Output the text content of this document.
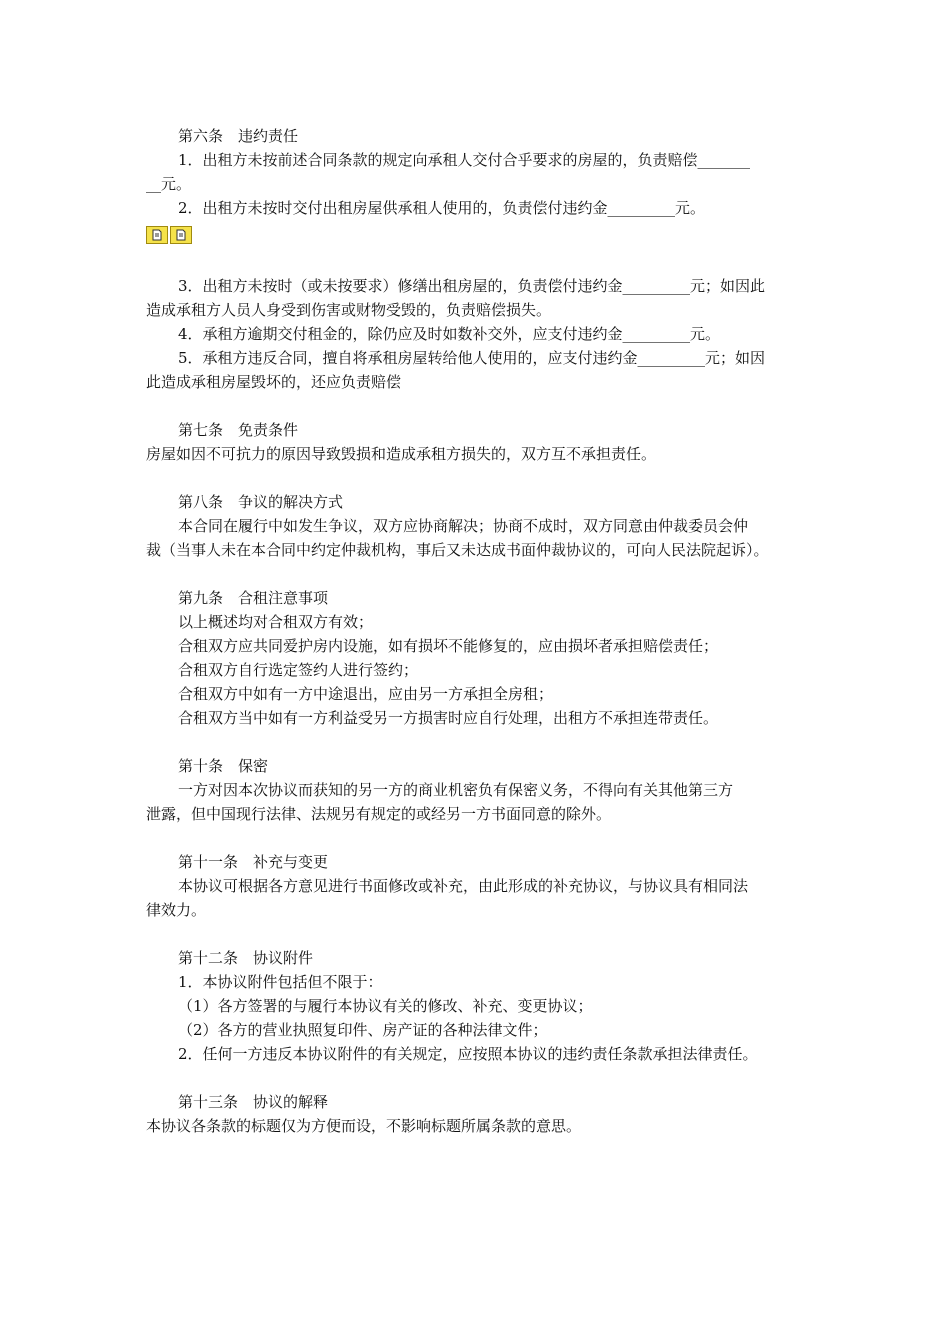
第六条　违约责任
1．出租方未按前述合同条款的规定向承租人交付合乎要求的房屋的，负责赔偿_______
__元。
2．出租方未按时交付出租房屋供承租人使用的，负责偿付违约金_________元。
3．出租方未按时（或未按要求）修缮出租房屋的，负责偿付违约金_________元；如因此
造成承租方人员人身受到伤害或财物受毁的，负责赔偿损失。
4．承租方逾期交付租金的，除仍应及时如数补交外，应支付违约金_________元。
5．承租方违反合同，擅自将承租房屋转给他人使用的，应支付违约金_________元；如因
此造成承租房屋毁坏的，还应负责赔偿
第七条　免责条件
房屋如因不可抗力的原因导致毁损和造成承租方损失的，双方互不承担责任。
第八条　争议的解决方式
本合同在履行中如发生争议，双方应协商解决；协商不成时，双方同意由仲裁委员会仲
裁（当事人未在本合同中约定仲裁机构，事后又未达成书面仲裁协议的，可向人民法院起诉）。
第九条　合租注意事项
以上概述均对合租双方有效；
合租双方应共同爱护房内设施，如有损坏不能修复的，应由损坏者承担赔偿责任；
合租双方自行选定签约人进行签约；
合租双方中如有一方中途退出，应由另一方承担全房租；
合租双方当中如有一方利益受另一方损害时应自行处理，出租方不承担连带责任。
第十条　保密
一方对因本次协议而获知的另一方的商业机密负有保密义务，不得向有关其他第三方
泄露，但中国现行法律、法规另有规定的或经另一方书面同意的除外。
第十一条　补充与变更
本协议可根据各方意见进行书面修改或补充，由此形成的补充协议，与协议具有相同法
律效力。
第十二条　协议附件
1．本协议附件包括但不限于：
（1）各方签署的与履行本协议有关的修改、补充、变更协议；
（2）各方的营业执照复印件、房产证的各种法律文件；
2．任何一方违反本协议附件的有关规定，应按照本协议的违约责任条款承担法律责任。
第十三条　协议的解释
本协议各条款的标题仅为方便而设，不影响标题所属条款的意思。
